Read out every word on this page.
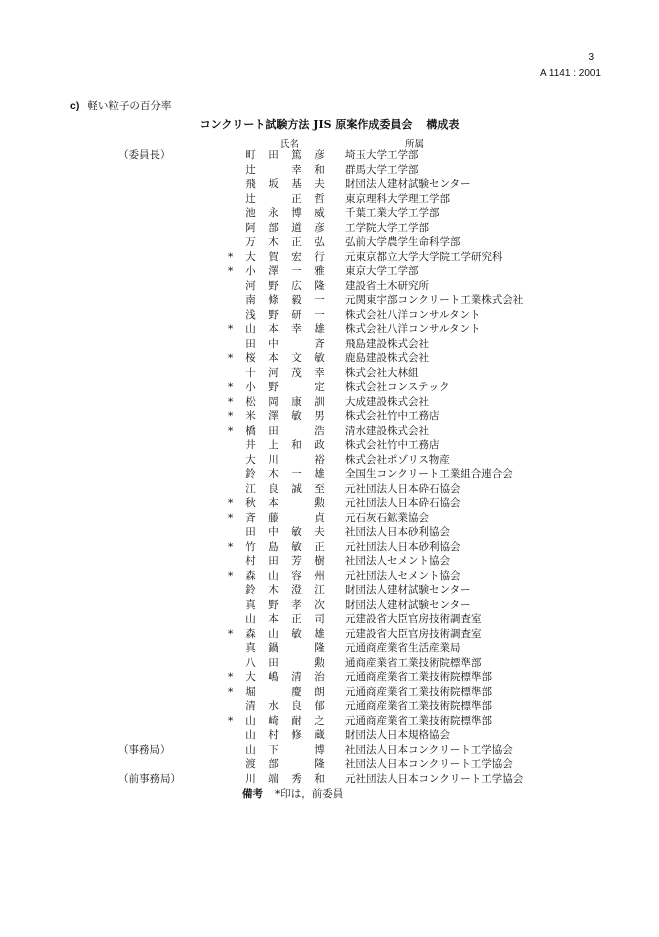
3
A 1141 : 2001
c) 軽い粒子の百分率
コンクリート試験方法 JIS 原案作成委員会 構成表
氏名	所属
（委員長）	町 田 篤 彦 埼玉大学工学部
辻	幸 和 群馬大学工学部
飛 坂 基 夫 財団法人建材試験センター
辻	正 哲 東京理科大学理工学部
池 永 博 威 千葉工業大学工学部
阿 部 道 彦 工学院大学工学部
万 木 正 弘 弘前大学農学生命科学部
* 大 賀 宏 行 元東京都立大学大学院工学研究科
* 小 澤 一 雅 東京大学工学部
河 野 広 隆 建設省土木研究所
南 條 毅 一 元関東宇部コンクリート工業株式会社
浅 野 研 一 株式会社八洋コンサルタント
* 山 本 幸 雄 株式会社八洋コンサルタント
田 中	斉 飛島建設株式会社
* 桜 本 文 敏 鹿島建設株式会社
十 河 茂 幸 株式会社大林組
* 小 野	定 株式会社コンステック
* 松 岡 康 訓 大成建設株式会社
* 米 澤 敏 男 株式会社竹中工務店
* 橋 田	浩 清水建設株式会社
井 上 和 政 株式会社竹中工務店
大 川	裕 株式会社ポゾリス物産
鈴 木 一 雄 全国生コンクリート工業組合連合会
江 良 誠 至 元社団法人日本砕石協会
* 秋 本	勲 元社団法人日本砕石協会
* 斉 藤	貞 元石灰石鉱業協会
田 中 敏 夫 社団法人日本砂利協会
* 竹 島 敏 正 元社団法人日本砂利協会
村 田 芳 樹 社団法人セメント協会
* 森 山 容 州 元社団法人セメント協会
鈴 木 澄 江 財団法人建材試験センター
真 野 孝 次 財団法人建材試験センター
山 本 正 司 元建設省大臣官房技術調査室
* 森 山 敏 雄 元建設省大臣官房技術調査室
真 鍋	隆 元通商産業省生活産業局
八 田	勲 通商産業省工業技術院標準部
* 大 嶋 清 治 元通商産業省工業技術院標準部
* 堀	慶 朗 元通商産業省工業技術院標準部
清 水 良 郁 元通商産業省工業技術院標準部
* 山 崎 耐 之 元通商産業省工業技術院標準部
山 村 修 蔵 財団法人日本規格協会
（事務局）	山 下	博 社団法人日本コンクリート工学協会
渡 部	隆 社団法人日本コンクリート工学協会
（前事務局）	川 端 秀 和 元社団法人日本コンクリート工学協会
備考 *印は，前委員
